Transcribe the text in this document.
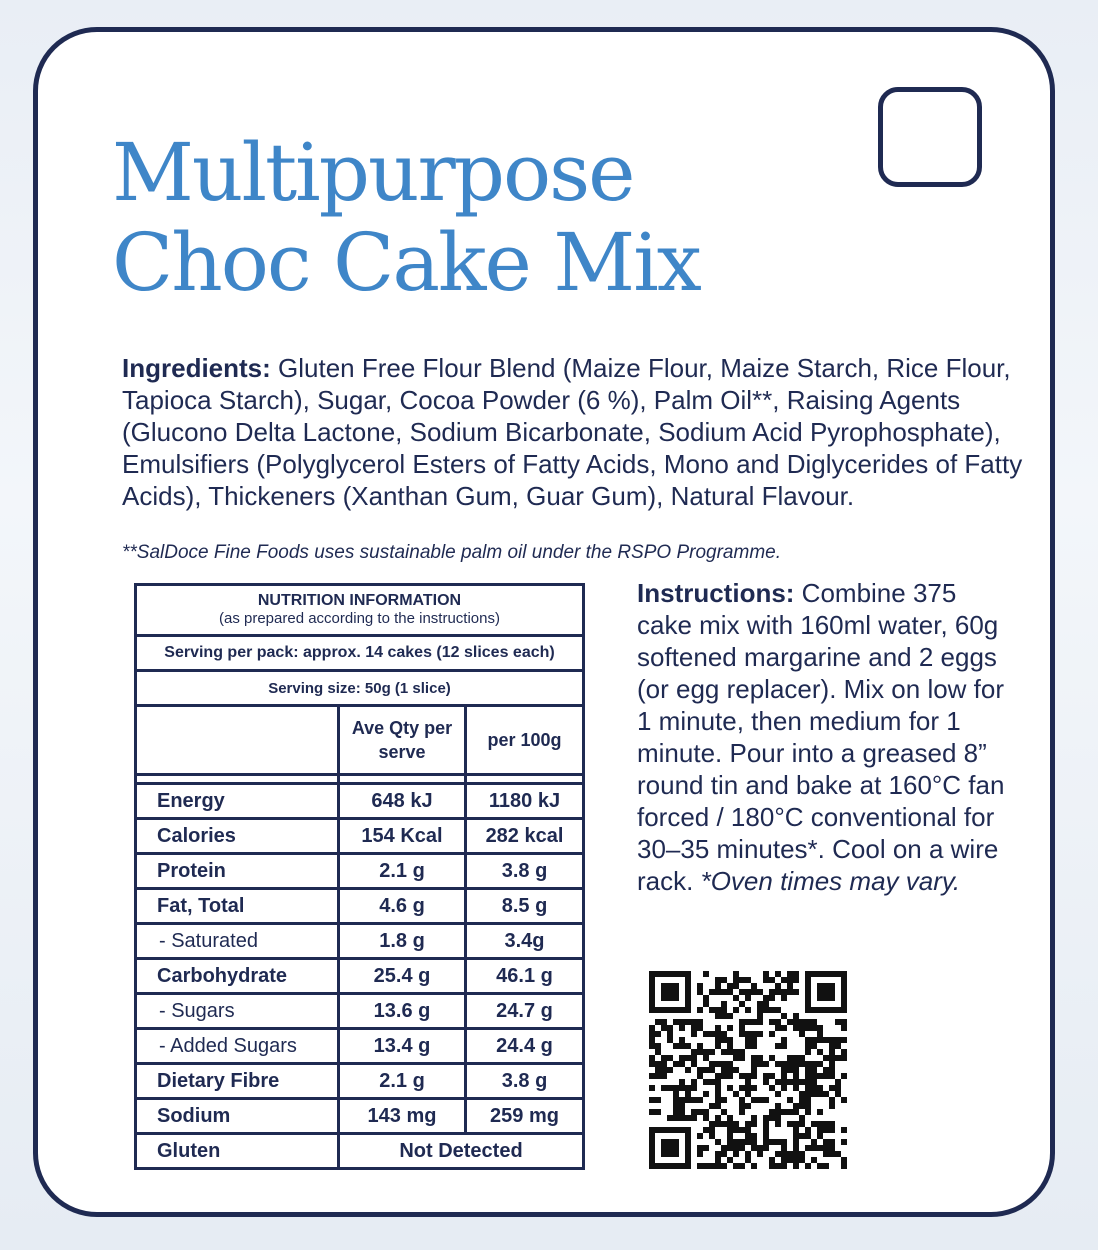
Multipurpose
Choc Cake Mix
Ingredients: Gluten Free Flour Blend (Maize Flour, Maize Starch, Rice Flour, Tapioca Starch), Sugar, Cocoa Powder (6 %), Palm Oil**, Raising Agents (Glucono Delta Lactone, Sodium Bicarbonate, Sodium Acid Pyrophosphate), Emulsifiers (Polyglycerol Esters of Fatty Acids, Mono and Diglycerides of Fatty Acids), Thickeners (Xanthan Gum, Guar Gum), Natural Flavour.
**SalDoce Fine Foods uses sustainable palm oil under the RSPO Programme.
NUTRITION INFORMATION
(as prepared according to the instructions)		

Serving per pack: approx. 14 cakes (12 slices each)		
Serving size: 50g (1 slice)		
	Ave Qty per serve	per 100g

Energy	648 kJ	1180 kJ
Calories	154 Kcal	282 kcal
Protein	2.1 g	3.8 g
Fat, Total	4.6 g	8.5 g
- Saturated	1.8 g	3.4g
Carbohydrate	25.4 g	46.1 g
- Sugars	13.6 g	24.7 g
- Added Sugars	13.4 g	24.4 g
Dietary Fibre	2.1 g	3.8 g
Sodium	143 mg	259 mg
Gluten	Not Detected	
Instructions: Combine 375 cake mix with 160ml water, 60g softened margarine and 2 eggs (or egg replacer). Mix on low for 1 minute, then medium for 1 minute. Pour into a greased 8” round tin and bake at 160°C fan forced / 180°C conventional for 30–35 minutes*. Cool on a wire rack. *Oven times may vary.
